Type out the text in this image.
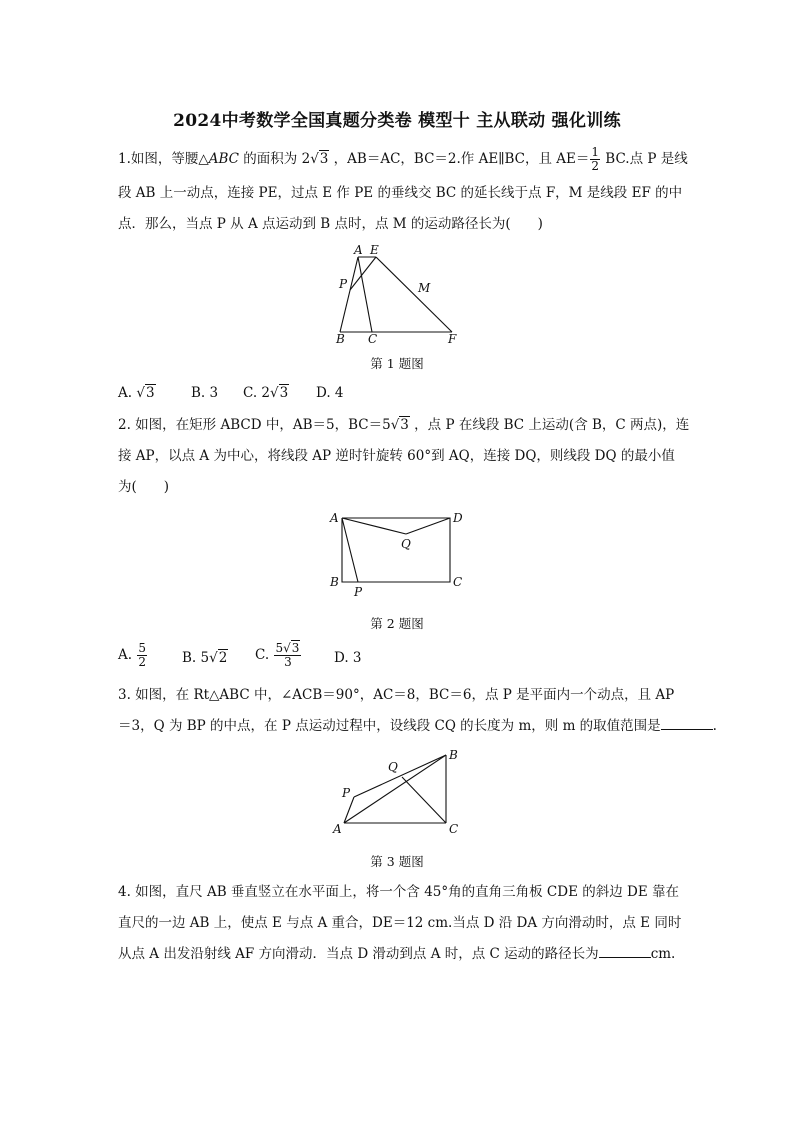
2024中考数学全国真题分类卷 模型十 主从联动 强化训练
1.如图，等腰△ABC 的面积为 2√3 ，AB＝AC，BC＝2.作 AE∥BC，且 $AE= \frac{1}{2}$ BC.点 P 是线
段 AB 上一动点，连接 PE，过点 E 作 PE 的垂线交 BC 的延长线于点 F，M 是线段 EF 的中
点．那么，当点 P 从 A 点运动到 B 点时，点 M 的运动路径长为(　　)
A E
P	M
B C	F
第 1 题图
A. √3	B. 3 C. 2√3 D. 4
2. 如图，在矩形 ABCD 中，AB＝5，BC＝5√3 ，点 P 在线段 BC 上运动(含 B，C 两点)，连
接 AP，以点 A 为中心，将线段 AP 逆时针旋转 60°到 AQ，连接 DQ，则线段 DQ 的最小值
为(　　)
A	D
Q
B
P
C
第 2 题图
A. $\frac{5}{2}$	B. 5√2 C. $\frac{5√3}{3} D$. 3
3. 如图，在 Rt△ABC 中，∠ACB＝90°，AC＝8，BC＝6，点 P 是平面内一个动点，且 AP
＝3，Q 为 BP 的中点，在 P 点运动过程中，设线段 CQ 的长度为 m，则 m 的取值范围是	.
B
Q
P
A	C
第 3 题图
4. 如图，直尺 AB 垂直竖立在水平面上，将一个含 45°角的直角三角板 CDE 的斜边 DE 靠在
直尺的一边 AB 上，使点 E 与点 A 重合，DE＝12 cm.当点 D 沿 DA 方向滑动时，点 E 同时
从点 A 出发沿射线 AF 方向滑动．当点 D 滑动到点 A 时，点 C 运动的路径长为	cm.
